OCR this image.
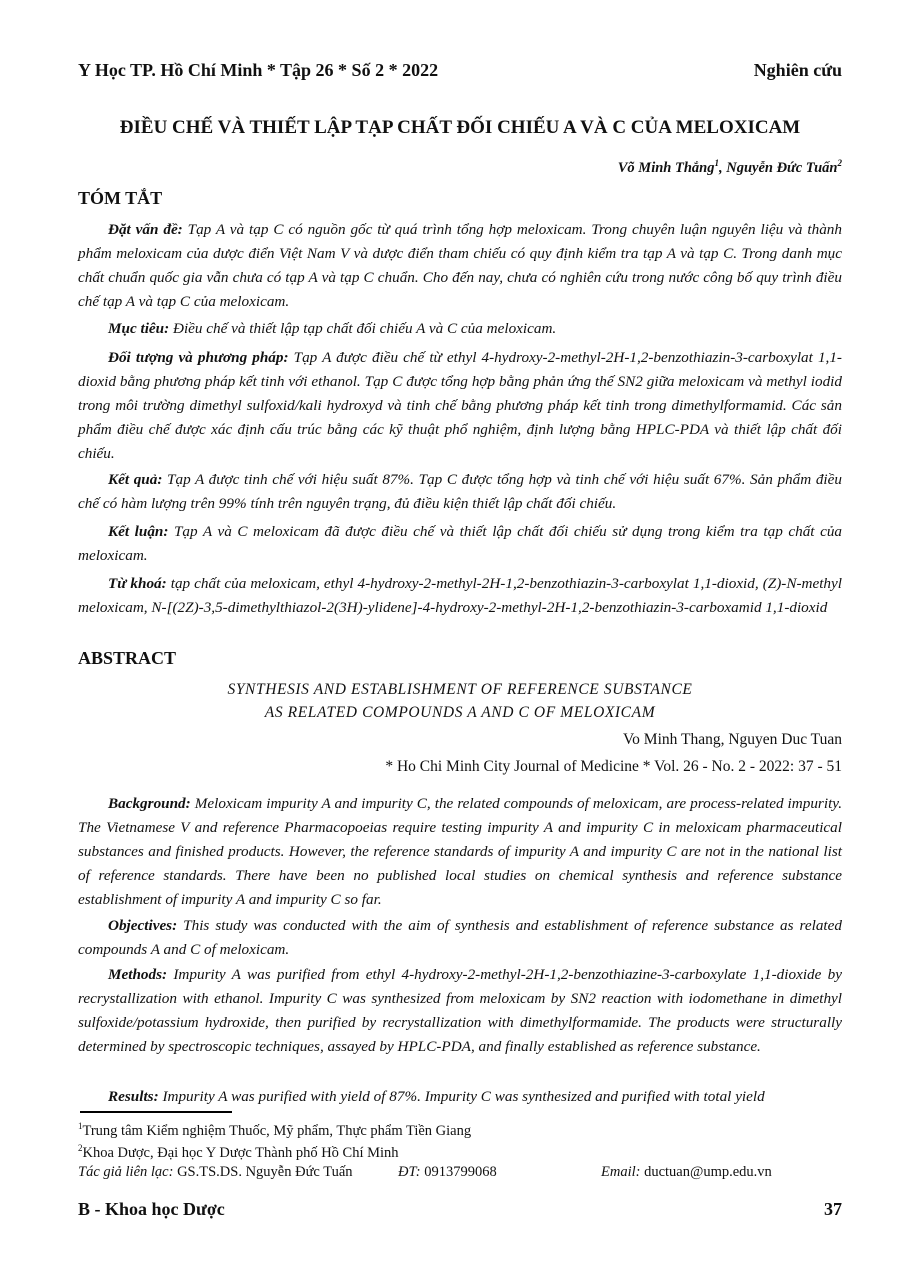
Y Học TP. Hồ Chí Minh * Tập 26 * Số 2 * 2022	Nghiên cứu
ĐIỀU CHẾ VÀ THIẾT LẬP TẠP CHẤT ĐỐI CHIẾU A VÀ C CỦA MELOXICAM
Võ Minh Thắng$^1$, Nguyễn Đức Tuấn$^2$
TÓM TẮT

Đặt vấn đề: Tạp A và tạp C có nguồn gốc từ quá trình tổng hợp meloxicam. Trong chuyên luận nguyên liệu và thành phẩm meloxicam của dược điển Việt Nam V và dược điển tham chiếu có quy định kiểm tra tạp A và tạp C. Trong danh mục chất chuẩn quốc gia vẫn chưa có tạp A và tạp C chuẩn. Cho đến nay, chưa có nghiên cứu trong nước công bố quy trình điều chế tạp A và tạp C của meloxicam.

Mục tiêu: Điều chế và thiết lập tạp chất đối chiếu A và C của meloxicam.

Đối tượng và phương pháp: Tạp A được điều chế từ ethyl 4-hydroxy-2-methyl-2H-1,2-benzothiazin-3-carboxylat 1,1-dioxid bằng phương pháp kết tinh với ethanol. Tạp C được tổng hợp bằng phản ứng thế SN2 giữa meloxicam và methyl iodid trong môi trường dimethyl sulfoxid/kali hydroxyd và tinh chế bằng phương pháp kết tinh trong dimethylformamid. Các sản phẩm điều chế được xác định cấu trúc bằng các kỹ thuật phổ nghiệm, định lượng bằng HPLC-PDA và thiết lập chất đối chiếu.

Kết quả: Tạp A được tinh chế với hiệu suất 87%. Tạp C được tổng hợp và tinh chế với hiệu suất 67%. Sản phẩm điều chế có hàm lượng trên 99% tính trên nguyên trạng, đủ điều kiện thiết lập chất đối chiếu.

Kết luận: Tạp A và C meloxicam đã được điều chế và thiết lập chất đối chiếu sử dụng trong kiểm tra tạp chất của meloxicam.

Từ khoá: tạp chất của meloxicam, ethyl 4-hydroxy-2-methyl-2H-1,2-benzothiazin-3-carboxylat 1,1-dioxid, (Z)-N-methyl meloxicam, N-[(2Z)-3,5-dimethylthiazol-2(3H)-ylidene]-4-hydroxy-2-methyl-2H-1,2-benzothiazin-3-carboxamid 1,1-dioxid

ABSTRACT
SYNTHESIS AND ESTABLISHMENT OF REFERENCE SUBSTANCE
AS RELATED COMPOUNDS A AND C OF MELOXICAM
Vo Minh Thang, Nguyen Duc Tuan
* Ho Chi Minh City Journal of Medicine * Vol. 26 - No. 2 - 2022: 37 - 51

Background: Meloxicam impurity A and impurity C, the related compounds of meloxicam, are process-related impurity. The Vietnamese V and reference Pharmacopoeias require testing impurity A and impurity C in meloxicam pharmaceutical substances and finished products. However, the reference standards of impurity A and impurity C are not in the national list of reference standards. There have been no published local studies on chemical synthesis and reference substance establishment of impurity A and impurity C so far.

Objectives: This study was conducted with the aim of synthesis and establishment of reference substance as related compounds A and C of meloxicam.

Methods: Impurity A was purified from ethyl 4-hydroxy-2-methyl-2H-1,2-benzothiazine-3-carboxylate 1,1-dioxide by recrystallization with ethanol. Impurity C was synthesized from meloxicam by SN2 reaction with iodomethane in dimethyl sulfoxide/potassium hydroxide, then purified by recrystallization with dimethylformamide. The products were structurally determined by spectroscopic techniques, assayed by HPLC-PDA, and finally established as reference substance.

Results: Impurity A was purified with yield of 87%. Impurity C was synthesized and purified with total yield

$^1$Trung tâm Kiểm nghiệm Thuốc, Mỹ phẩm, Thực phẩm Tiền Giang
$^2$Khoa Dược, Đại học Y Dược Thành phố Hồ Chí Minh
Tác giả liên lạc: GS.TS.DS. Nguyễn Đức Tuấn	ĐT: 0913799068	Email: ductuan@ump.edu.vn
B - Khoa học Dược	37
